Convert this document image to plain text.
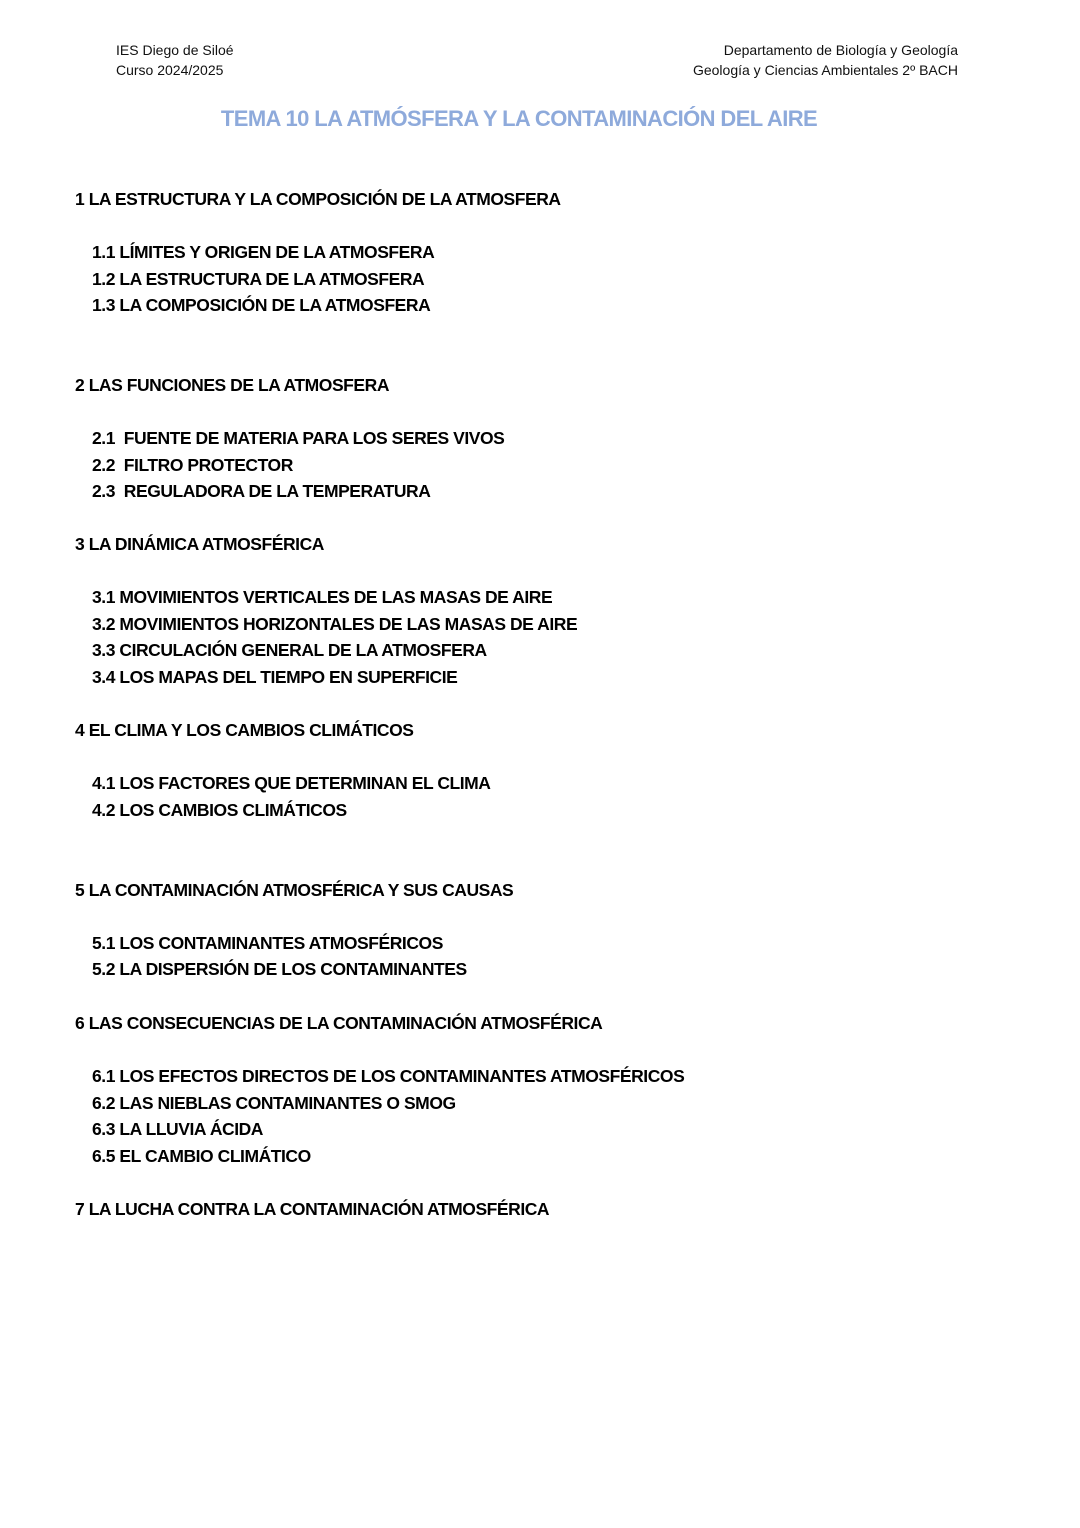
IES Diego de Siloé
Curso 2024/2025
Departamento de Biología y Geología
Geología y Ciencias Ambientales 2º BACH
TEMA 10 LA ATMÓSFERA Y LA CONTAMINACIÓN DEL AIRE
1 LA ESTRUCTURA Y LA COMPOSICIÓN DE LA ATMOSFERA
1.1 LÍMITES Y ORIGEN DE LA ATMOSFERA
1.2 LA ESTRUCTURA DE LA ATMOSFERA
1.3 LA COMPOSICIÓN DE LA ATMOSFERA
2 LAS FUNCIONES DE LA ATMOSFERA
2.1  FUENTE DE MATERIA PARA LOS SERES VIVOS
2.2  FILTRO PROTECTOR
2.3  REGULADORA DE LA TEMPERATURA
3 LA DINÁMICA ATMOSFÉRICA
3.1 MOVIMIENTOS VERTICALES DE LAS MASAS DE AIRE
3.2 MOVIMIENTOS HORIZONTALES DE LAS MASAS DE AIRE
3.3 CIRCULACIÓN GENERAL DE LA ATMOSFERA
3.4 LOS MAPAS DEL TIEMPO EN SUPERFICIE
4 EL CLIMA Y LOS CAMBIOS CLIMÁTICOS
4.1 LOS FACTORES QUE DETERMINAN EL CLIMA
4.2 LOS CAMBIOS CLIMÁTICOS
5 LA CONTAMINACIÓN ATMOSFÉRICA Y SUS CAUSAS
5.1 LOS CONTAMINANTES ATMOSFÉRICOS
5.2 LA DISPERSIÓN DE LOS CONTAMINANTES
6 LAS CONSECUENCIAS DE LA CONTAMINACIÓN ATMOSFÉRICA
6.1 LOS EFECTOS DIRECTOS DE LOS CONTAMINANTES ATMOSFÉRICOS
6.2 LAS NIEBLAS CONTAMINANTES O SMOG
6.3 LA LLUVIA ÁCIDA
6.5 EL CAMBIO CLIMÁTICO
7 LA LUCHA CONTRA LA CONTAMINACIÓN ATMOSFÉRICA
